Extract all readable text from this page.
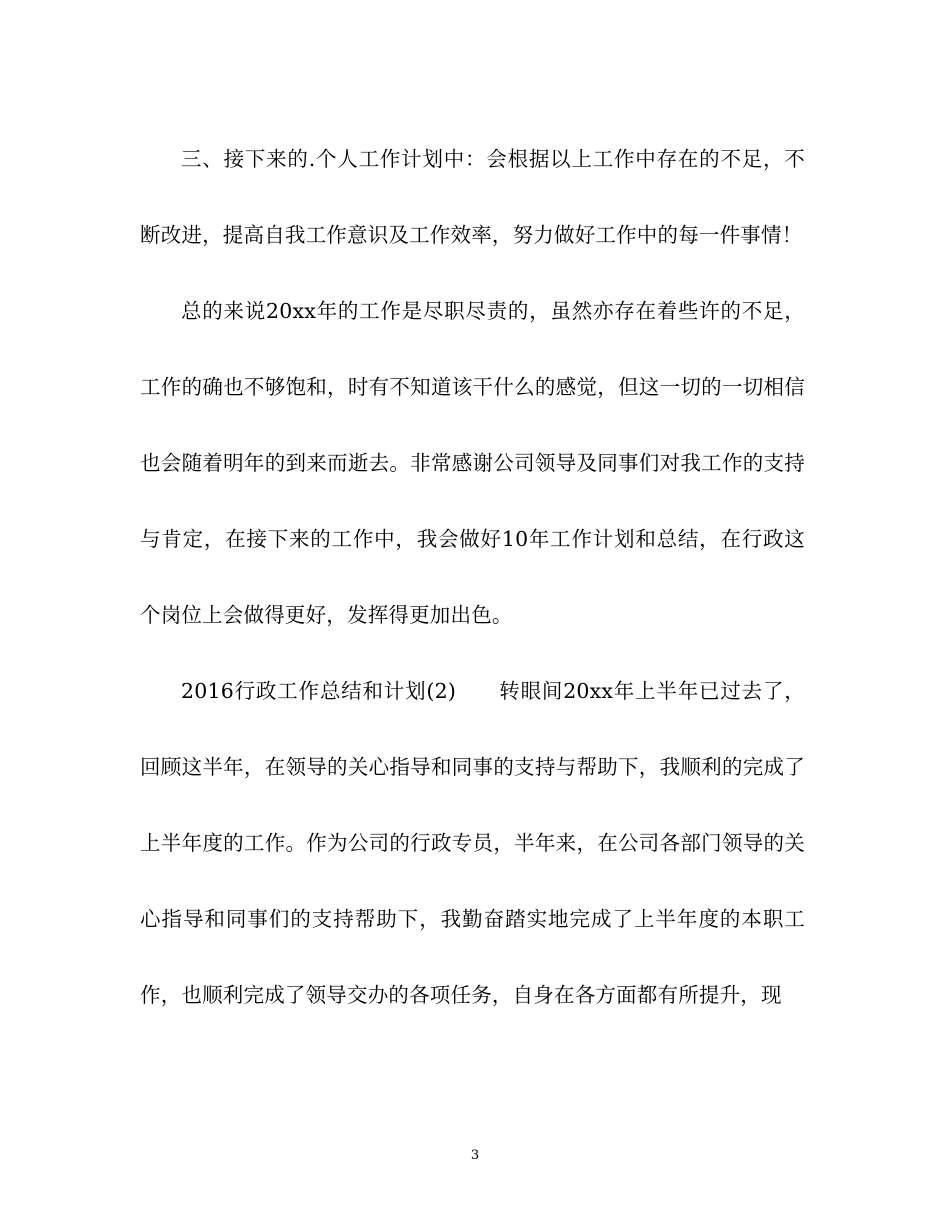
三、接下来的.个人工作计划中：会根据以上工作中存在的不足，不断改进，提高自我工作意识及工作效率，努力做好工作中的每一件事情！

总的来说20xx年的工作是尽职尽责的，虽然亦存在着些许的不足，工作的确也不够饱和，时有不知道该干什么的感觉，但这一切的一切相信也会随着明年的到来而逝去。非常感谢公司领导及同事们对我工作的支持与肯定，在接下来的工作中，我会做好10年工作计划和总结，在行政这个岗位上会做得更好，发挥得更加出色。

2016行政工作总结和计划(2)　　转眼间20xx年上半年已过去了，回顾这半年，在领导的关心指导和同事的支持与帮助下，我顺利的完成了上半年度的工作。作为公司的行政专员，半年来，在公司各部门领导的关心指导和同事们的支持帮助下，我勤奋踏实地完成了上半年度的本职工作，也顺利完成了领导交办的各项任务，自身在各方面都有所提升，现

3
